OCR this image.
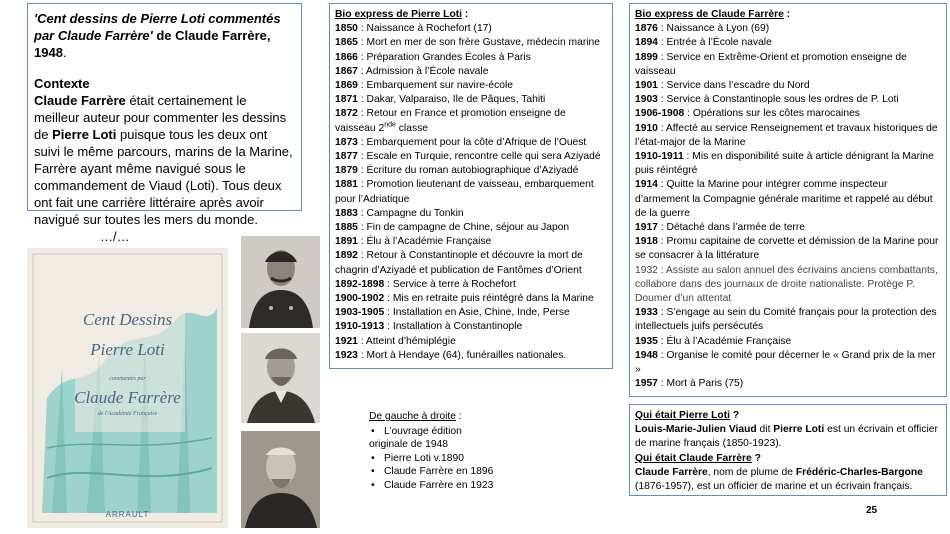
'Cent dessins de Pierre Loti commentés par Claude Farrère' de Claude Farrère, 1948.
Contexte
Claude Farrère était certainement le meilleur auteur pour commenter les dessins de Pierre Loti puisque tous les deux ont suivi le même parcours, marins de la Marine, Farrère ayant même navigué sous le commandement de Viaud (Loti). Tous deux ont fait une carrière littéraire après avoir navigué sur toutes les mers du monde.…/…
Bio express de Pierre Loti :
1850 : Naissance à Rochefort (17)
1865 : Mort en mer de son frère Gustave, médecin marine
1866 : Préparation Grandes Écoles à Paris
1867 : Admission à l’École navale
1869 : Embarquement sur navire-école
1871 : Dakar, Valparaiso, Ile de Pâques, Tahiti
1872 : Retour en France et promotion enseigne de vaisseau 2nde classe
1873 : Embarquement pour la côte d’Afrique de l’Ouest
1877 : Escale en Turquie, rencontre celle qui sera Aziyadé
1879 : Écriture du roman autobiographique d’Aziyadé
1881 : Promotion lieutenant de vaisseau, embarquement pour l’Adriatique
1883 : Campagne du Tonkin
1885 : Fin de campagne de Chine, séjour au Japon
1891 : Élu à l’Académie Française
1892 : Retour à Constantinople et découvre la mort de chagrin d’Aziyadé et publication de Fantômes d’Orient
1892-1898 : Service à terre à Rochefort
1900-1902 : Mis en retraite puis réintégré dans la Marine
1903-1905 : Installation en Asie, Chine, Inde, Perse
1910-1913 : Installation à Constantinople
1921 : Atteint d’hémiplégie
1923 : Mort à Hendaye (64), funérailles nationales.
Bio express de Claude Farrère :
1876 : Naissance à Lyon (69)
1894 : Entrée à l’École navale
1899 : Service en Extrême-Orient et promotion enseigne de vaisseau
1901 : Service dans l’escadre du Nord
1903 : Service à Constantinople sous les ordres de P. Loti
1906-1908 : Opérations sur les côtes marocaines
1910 : Affecté au service Renseignement et travaux historiques de l’état-major de la Marine
1910-1911 : Mis en disponibilité suite à article dénigrant la Marine puis réintégré
1914 : Quitte la Marine pour intégrer comme inspecteur d’armement la Compagnie générale maritime et rappelé au début de la guerre
1917 : Détaché dans l’armée de terre
1918 : Promu capitaine de corvette et démission de la Marine pour se consacrer à la littérature
1932 : Assiste au salon annuel des écrivains anciens combattants, collabore dans des journaux de droite nationaliste. Protège P. Doumer d’un attentat
1933 : S’engage au sein du Comité français pour la protection des intellectuels juifs persécutés
1935 : Élu à l’Académie Française
1948 : Organise le comité pour décerner le « Grand prix de la mer »
1957 : Mort à Paris (75)
Qui était Pierre Loti ?
Louis-Marie-Julien Viaud dit Pierre Loti est un écrivain et officier de marine français (1850-1923).
Qui était Claude Farrère ?
Claude Farrère, nom de plume de Frédéric-Charles-Bargone (1876-1957), est un officier de marine et un écrivain français.
Cent Dessins
Pierre Loti
commentés par
Claude Farrère
de l'Académie Française
ARRAULT
De gauche à droite :
• L’ouvrage édition
originale de 1948
• Pierre Loti v.1890
• Claude Farrère en 1896
• Claude Farrère en 1923
25
